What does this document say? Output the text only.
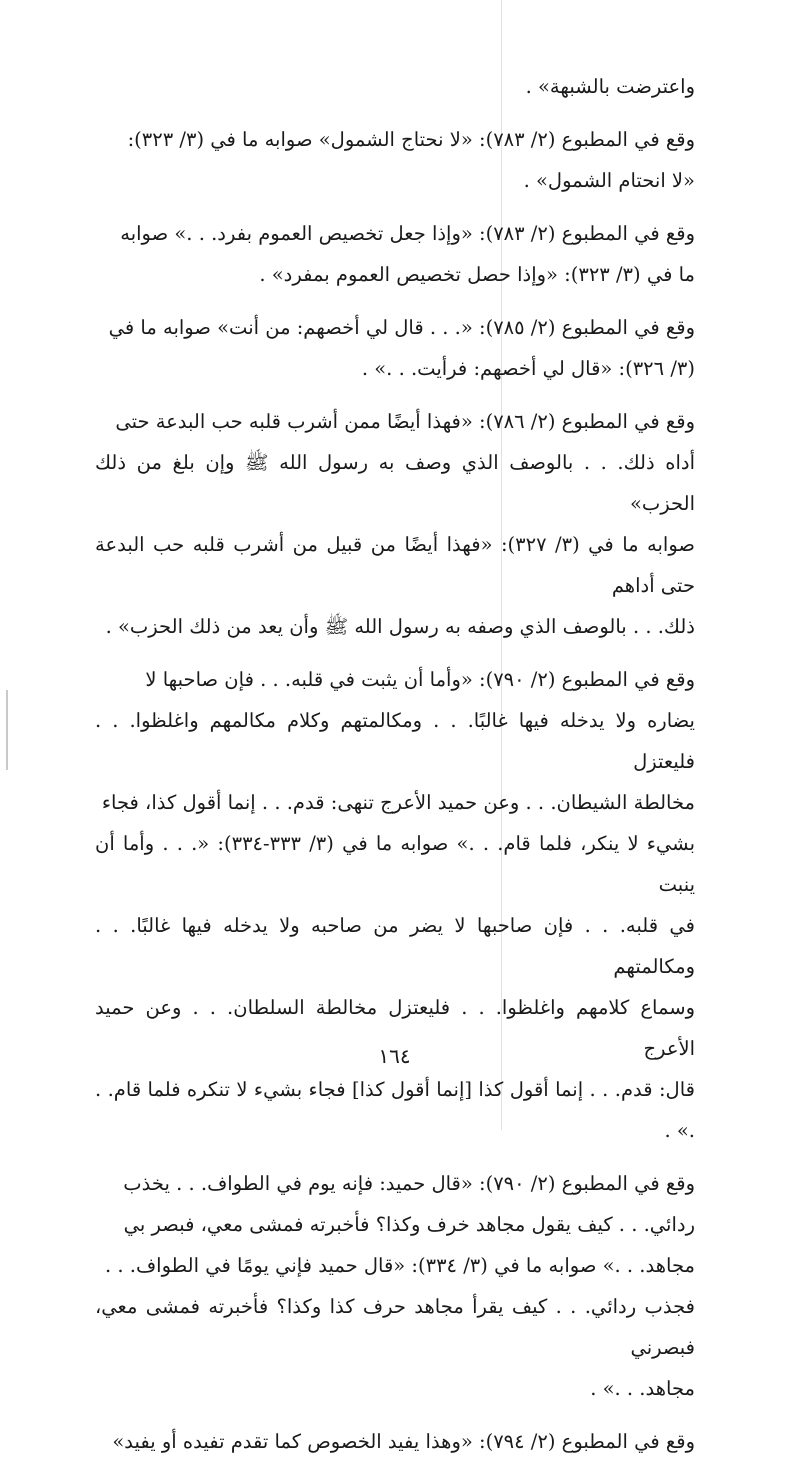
واعترضت بالشبهة» .

وقع في المطبوع (٢/ ٧٨٣): «لا نحتاج الشمول» صوابه ما في (٣/ ٣٢٣):

«لا انحتام الشمول» .

وقع في المطبوع (٢/ ٧٨٣): «وإذا جعل تخصيص العموم بفرد. . .» صوابه

ما في (٣/ ٣٢٣): «وإذا حصل تخصيص العموم بمفرد» .

وقع في المطبوع (٢/ ٧٨٥): «. . . قال لي أخصهم: من أنت» صوابه ما في

(٣/ ٣٢٦): «قال لي أخصهم: فرأيت. . .» .

وقع في المطبوع (٢/ ٧٨٦): «فهذا أيضًا ممن أشرب قلبه حب البدعة حتى

أداه ذلك. . . بالوصف الذي وصف به رسول الله ﷺ وإن بلغ من ذلك الحزب»

صوابه ما في (٣/ ٣٢٧): «فهذا أيضًا من قبيل من أشرب قلبه حب البدعة حتى أداهم

ذلك. . . بالوصف الذي وصفه به رسول الله ﷺ وأن يعد من ذلك الحزب» .

وقع في المطبوع (٢/ ٧٩٠): «وأما أن يثبت في قلبه. . . فإن صاحبها لا

يضاره ولا يدخله فيها غالبًا. . . ومكالمتهم وكلام مكالمهم واغلظوا. . . فليعتزل

مخالطة الشيطان. . . وعن حميد الأعرج تنهى: قدم. . . إنما أقول كذا، فجاء

بشيء لا ينكر، فلما قام. . .» صوابه ما في (٣/ ٣٣٣-٣٣٤): «. . . وأما أن ينبت

في قلبه. . . فإن صاحبها لا يضر من صاحبه ولا يدخله فيها غالبًا. . . ومكالمتهم

وسماع كلامهم واغلظوا. . . فليعتزل مخالطة السلطان. . . وعن حميد الأعرج

قال: قدم. . . إنما أقول كذا [إنما أقول كذا] فجاء بشيء لا تنكره فلما قام. . .» .

وقع في المطبوع (٢/ ٧٩٠): «قال حميد: فإنه يوم في الطواف. . . يخذب

ردائي. . . كيف يقول مجاهد خرف وكذا؟ فأخبرته فمشى معي، فبصر بي

مجاهد. . .» صوابه ما في (٣/ ٣٣٤): «قال حميد فإني يومًا في الطواف. . .

فجذب ردائي. . . كيف يقرأ مجاهد حرف كذا وكذا؟ فأخبرته فمشى معي، فبصرني

مجاهد. . .» .

وقع في المطبوع (٢/ ٧٩٤): «وهذا يفيد الخصوص كما تقدم تفيده أو يفيد»

١٦٤
